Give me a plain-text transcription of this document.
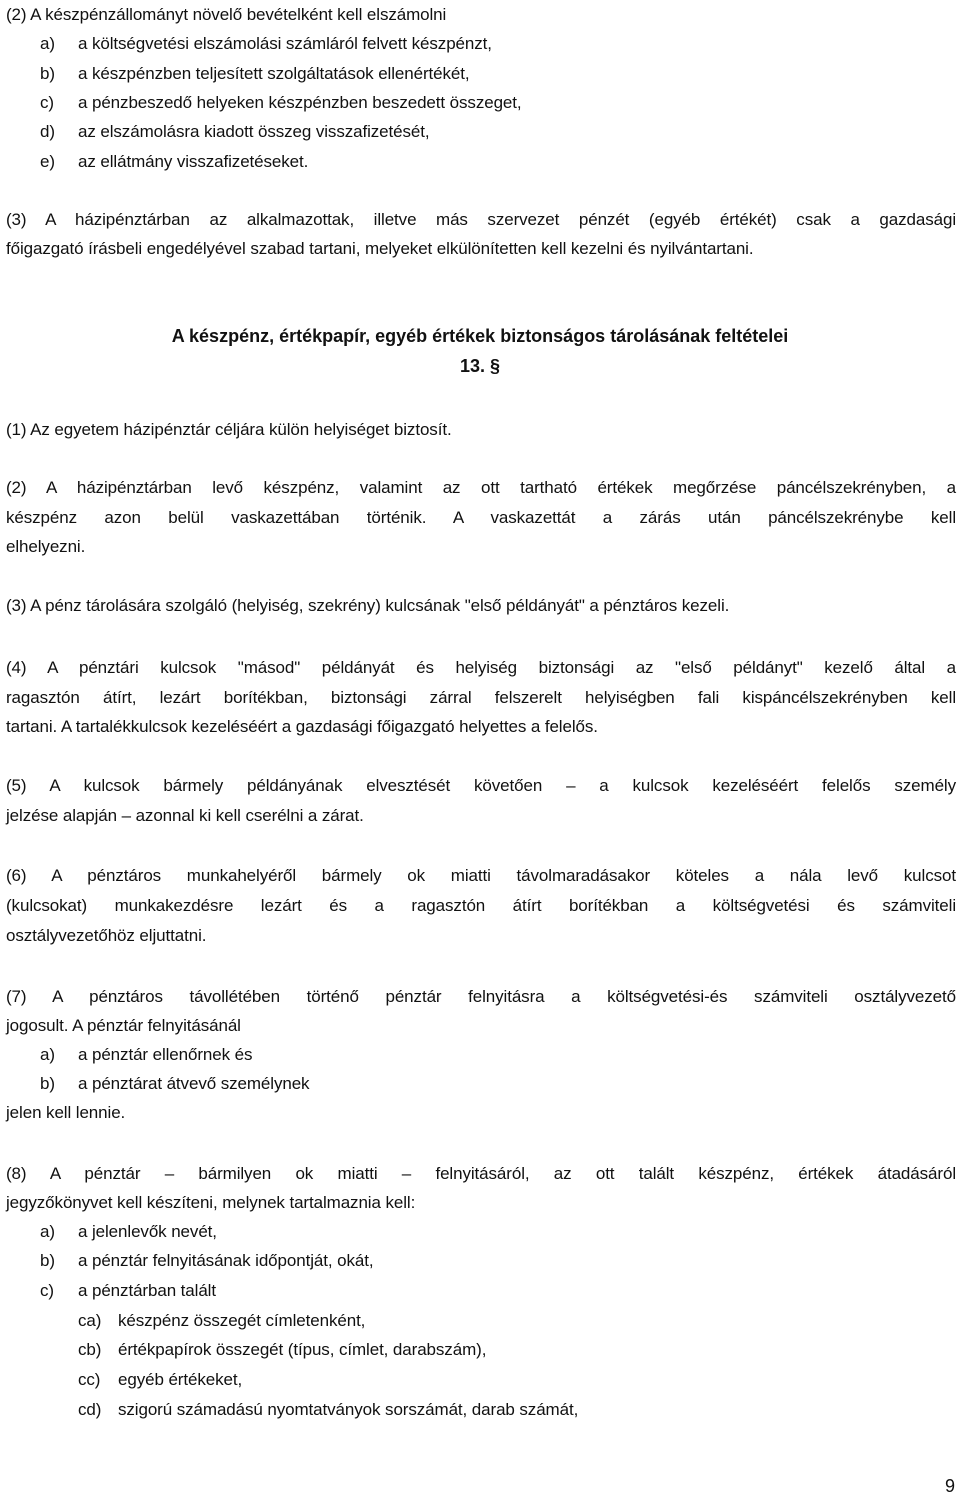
(2) A készpénzállományt növelő bevételként kell elszámolni
a) a költségvetési elszámolási számláról felvett készpénzt,
b) a készpénzben teljesített szolgáltatások ellenértékét,
c) a pénzbeszedő helyeken készpénzben beszedett összeget,
d) az elszámolásra kiadott összeg visszafizetését,
e) az ellátmány visszafizetéseket.
(3) A házipénztárban az alkalmazottak, illetve más szervezet pénzét (egyéb értékét) csak a gazdasági
főigazgató írásbeli engedélyével szabad tartani, melyeket elkülönítetten kell kezelni és nyilvántartani.
A készpénz, értékpapír, egyéb értékek biztonságos tárolásának feltételei
13. §
(1) Az egyetem házipénztár céljára külön helyiséget biztosít.
(2) A házipénztárban levő készpénz, valamint az ott tartható értékek megőrzése páncélszekrényben, a
készpénz azon belül vaskazettában történik. A vaskazettát a zárás után páncélszekrénybe kell
elhelyezni.
(3) A pénz tárolására szolgáló (helyiség, szekrény) kulcsának "első példányát" a pénztáros kezeli.
(4) A pénztári kulcsok "másod" példányát és helyiség biztonsági az "első példányt" kezelő által a
ragasztón átírt, lezárt borítékban, biztonsági zárral felszerelt helyiségben fali kispáncélszekrényben kell
tartani. A tartalékkulcsok kezeléséért a gazdasági főigazgató helyettes a felelős.
(5) A kulcsok bármely példányának elvesztését követően – a kulcsok kezeléséért felelős személy
jelzése alapján – azonnal ki kell cserélni a zárat.
(6) A pénztáros munkahelyéről bármely ok miatti távolmaradásakor köteles a nála levő kulcsot
(kulcsokat) munkakezdésre lezárt és a ragasztón átírt borítékban a költségvetési és számviteli
osztályvezetőhöz eljuttatni.
(7) A pénztáros távollétében történő pénztár felnyitásra a költségvetési-és számviteli osztályvezető
jogosult. A pénztár felnyitásánál
a) a pénztár ellenőrnek és
b) a pénztárat átvevő személynek
jelen kell lennie.
(8) A pénztár – bármilyen ok miatti – felnyitásáról, az ott talált készpénz, értékek átadásáról
jegyzőkönyvet kell készíteni, melynek tartalmaznia kell:
a) a jelenlevők nevét,
b) a pénztár felnyitásának időpontját, okát,
c) a pénztárban talált
ca) készpénz összegét címletenként,
cb) értékpapírok összegét (típus, címlet, darabszám),
cc) egyéb értékeket,
cd) szigorú számadású nyomtatványok sorszámát, darab számát,
9
